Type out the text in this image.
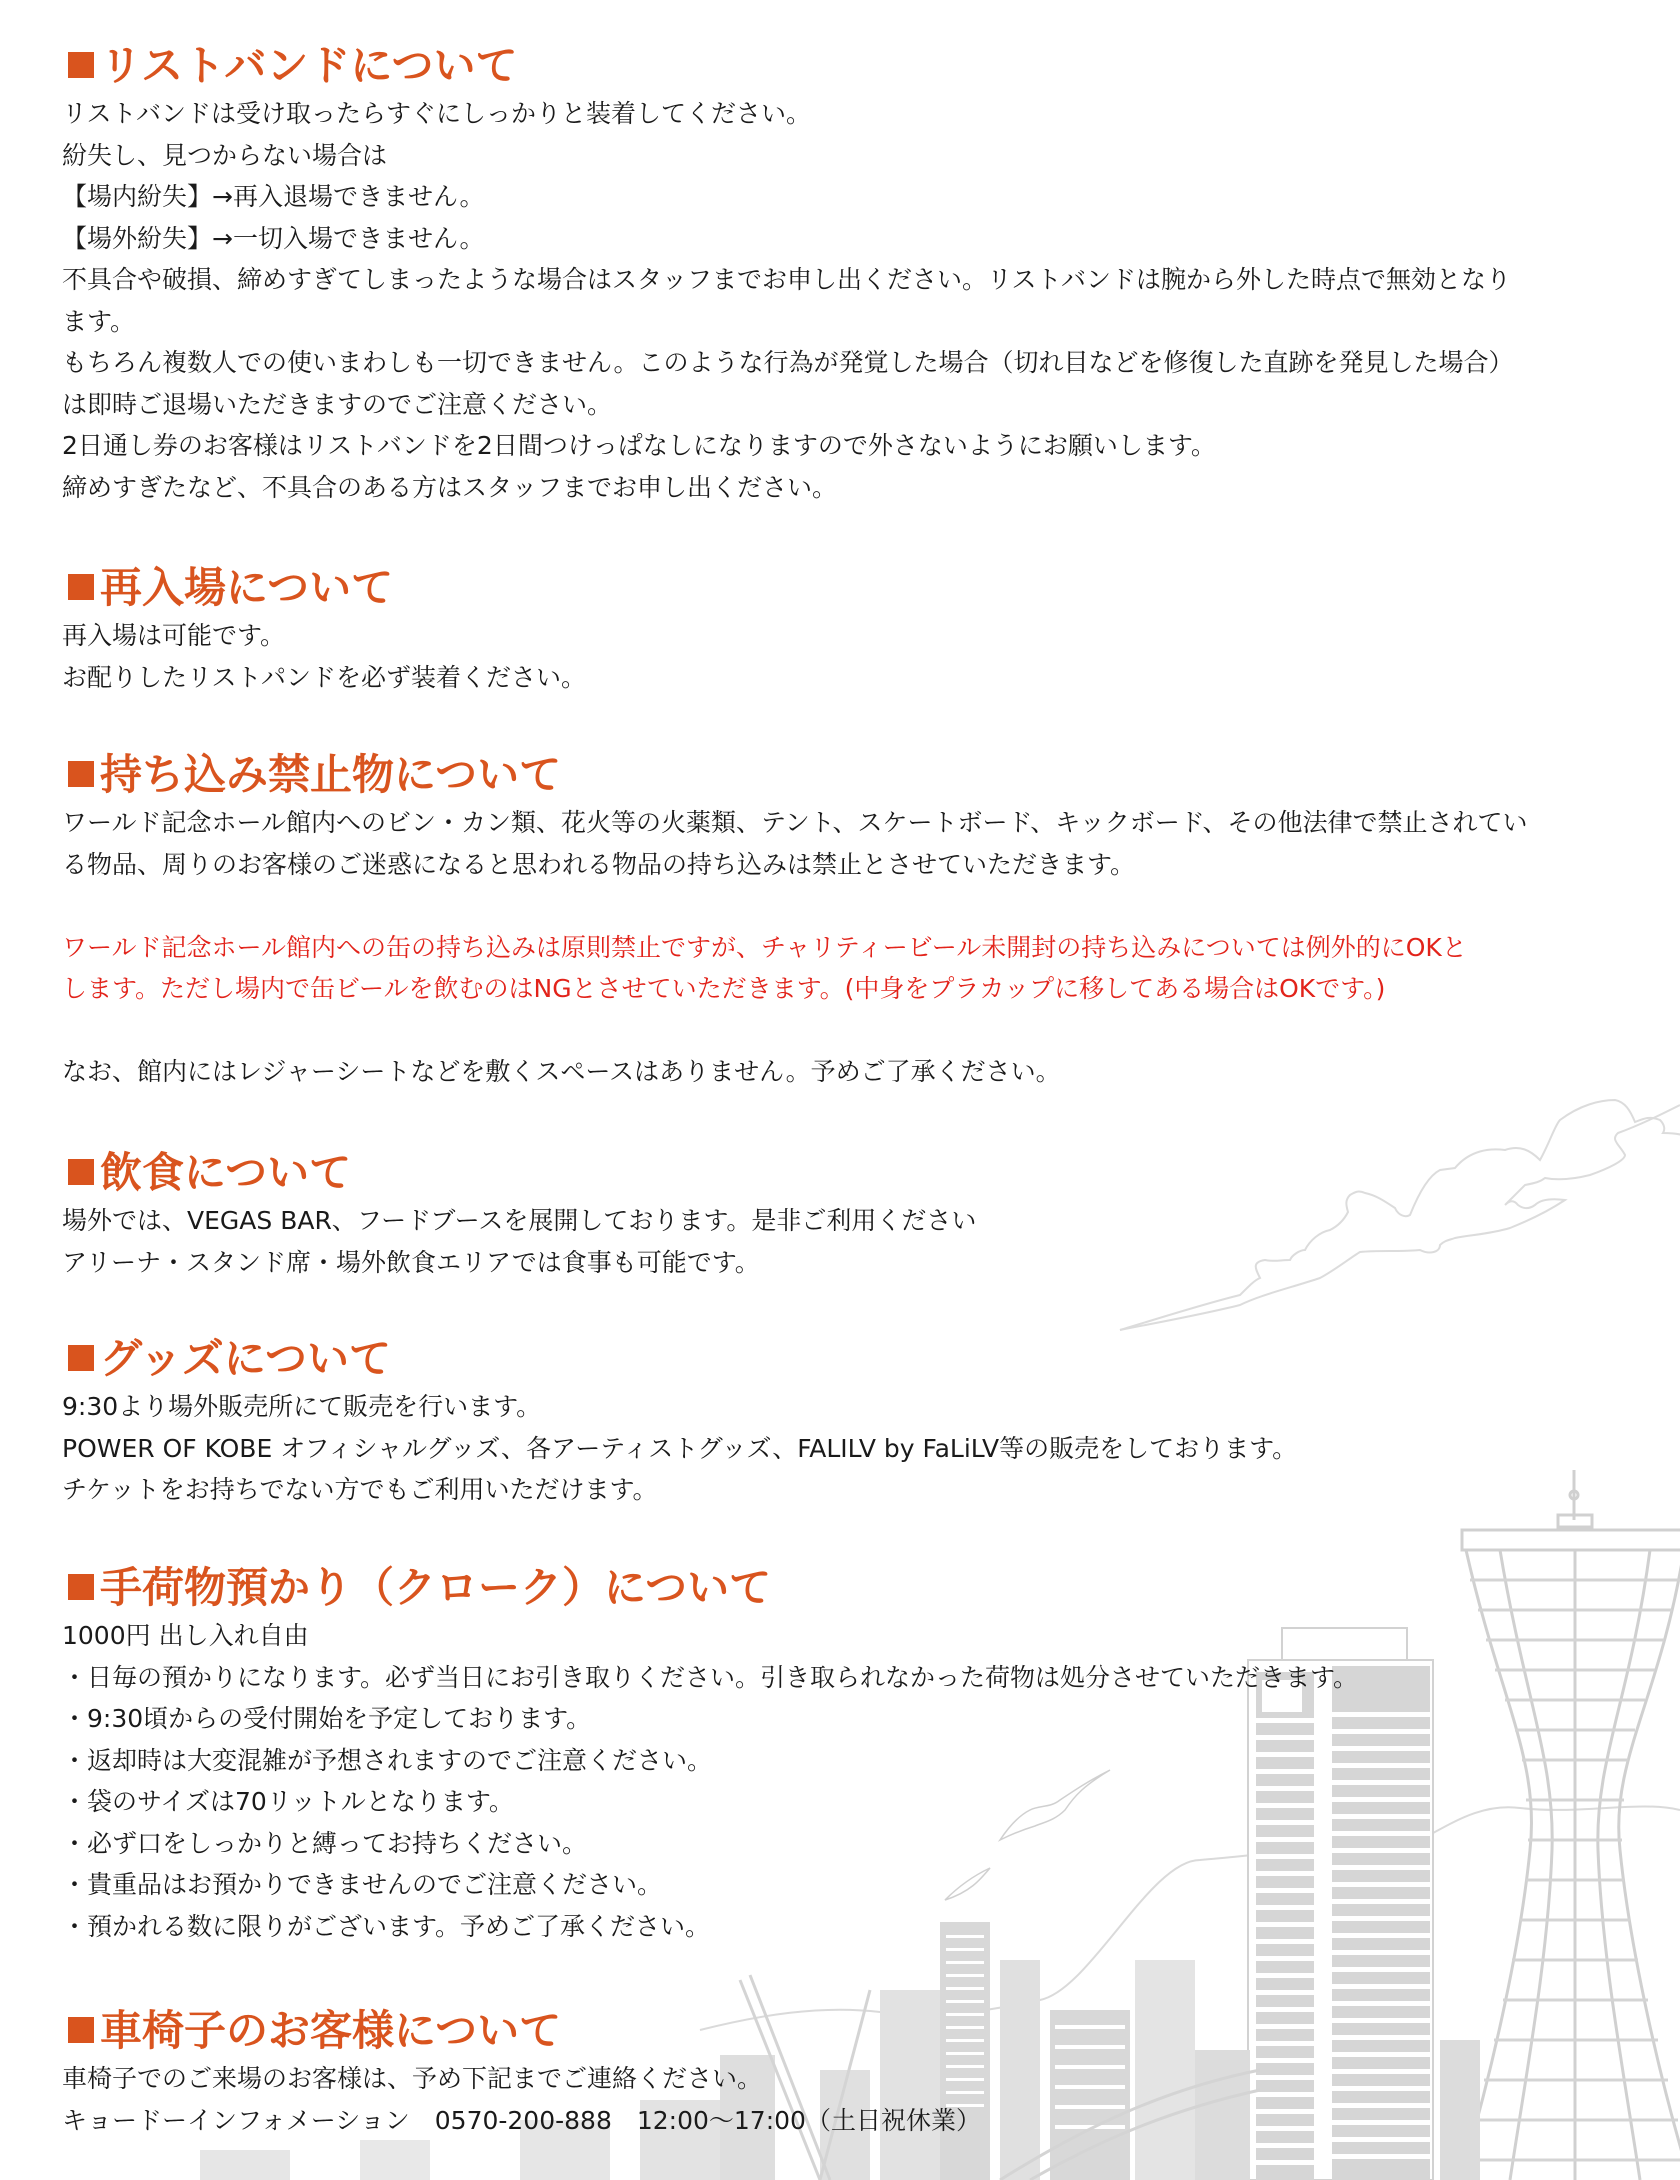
リストバンドについて
リストバンドは受け取ったらすぐにしっかりと装着してください。
紛失し、見つからない場合は
【場内紛失】→再入退場できません。
【場外紛失】→一切入場できません。
不具合や破損、締めすぎてしまったような場合はスタッフまでお申し出ください。リストバンドは腕から外した時点で無効となり
ます。
もちろん複数人での使いまわしも一切できません。このような行為が発覚した場合（切れ目などを修復した直跡を発見した場合）
は即時ご退場いただきますのでご注意ください。
2日通し券のお客様はリストバンドを2日間つけっぱなしになりますので外さないようにお願いします。
締めすぎたなど、不具合のある方はスタッフまでお申し出ください。
再入場について
再入場は可能です。
お配りしたリストパンドを必ず装着ください。
持ち込み禁止物について
ワールド記念ホール館内へのビン・カン類、花火等の火薬類、テント、スケートボード、キックボード、その他法律で禁止されてい
る物品、周りのお客様のご迷惑になると思われる物品の持ち込みは禁止とさせていただきます。
ワールド記念ホール館内への缶の持ち込みは原則禁止ですが、チャリティービール未開封の持ち込みについては例外的にOKと
します。ただし場内で缶ビールを飲むのはNGとさせていただきます。(中身をプラカップに移してある場合はOKです。)
なお、館内にはレジャーシートなどを敷くスペースはありません。予めご了承ください。
飲食について
場外では、VEGAS BAR、フードブースを展開しております。是非ご利用ください
アリーナ・スタンド席・場外飲食エリアでは食事も可能です。
グッズについて
9:30より場外販売所にて販売を行います。
POWER OF KOBE オフィシャルグッズ、各アーティストグッズ、FALILV by FaLiLV等の販売をしております。
チケットをお持ちでない方でもご利用いただけます。
手荷物預かり（クローク）について
1000円 出し入れ自由
・日毎の預かりになります。必ず当日にお引き取りください。引き取られなかった荷物は処分させていただきます。
・9:30頃からの受付開始を予定しております。
・返却時は大変混雑が予想されますのでご注意ください。
・袋のサイズは70リットルとなります。
・必ず口をしっかりと縛ってお持ちください。
・貴重品はお預かりできませんのでご注意ください。
・預かれる数に限りがございます。予めご了承ください。
車椅子のお客様について
車椅子でのご来場のお客様は、予め下記までご連絡ください。
キョードーインフォメーション　0570-200-888　12:00～17:00（土日祝休業）
